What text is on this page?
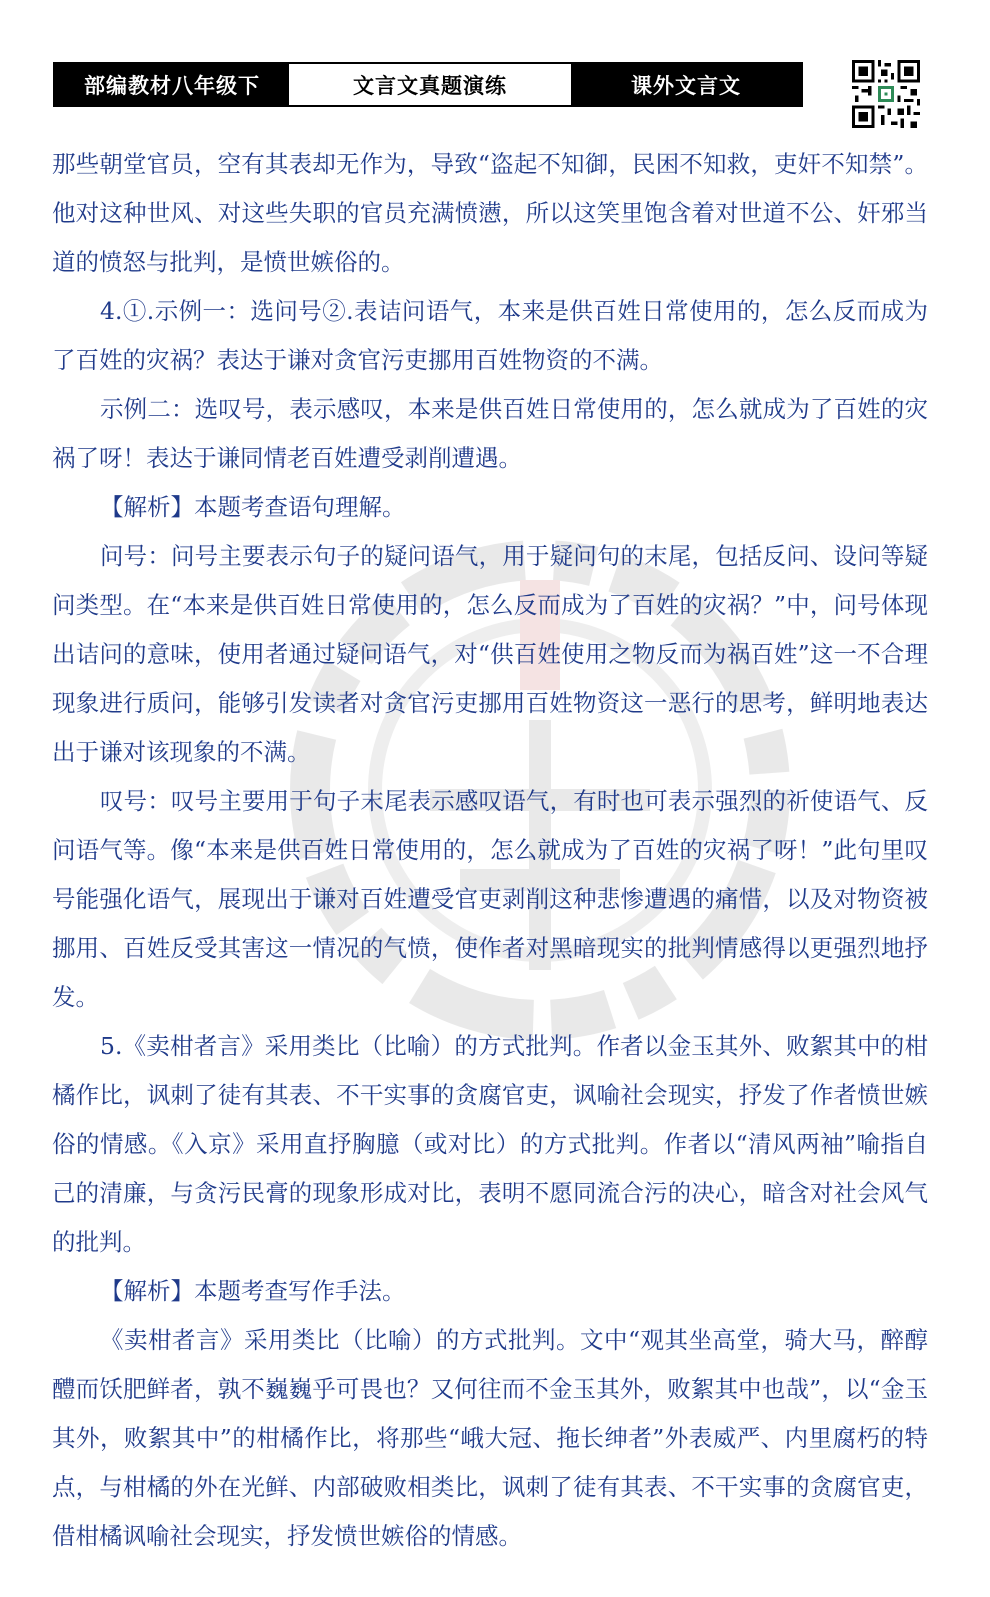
部编教材八年级下	文言文真题演练	课外文言文

那些朝堂官员，空有其表却无作为，导致“盗起不知御，民困不知救，吏奸不知禁”。他对这种世风、对这些失职的官员充满愤懑，所以这笑里饱含着对世道不公、奸邪当道的愤怒与批判，是愤世嫉俗的。

4.①.示例一：选问号②.表诘问语气，本来是供百姓日常使用的，怎么反而成为了百姓的灾祸？表达于谦对贪官污吏挪用百姓物资的不满。

示例二：选叹号，表示感叹，本来是供百姓日常使用的，怎么就成为了百姓的灾祸了呀！表达于谦同情老百姓遭受剥削遭遇。

【解析】本题考查语句理解。

问号：问号主要表示句子的疑问语气，用于疑问句的末尾，包括反问、设问等疑问类型。在“本来是供百姓日常使用的，怎么反而成为了百姓的灾祸？”中，问号体现出诘问的意味，使用者通过疑问语气，对“供百姓使用之物反而为祸百姓”这一不合理现象进行质问，能够引发读者对贪官污吏挪用百姓物资这一恶行的思考，鲜明地表达出于谦对该现象的不满。

叹号：叹号主要用于句子末尾表示感叹语气，有时也可表示强烈的祈使语气、反问语气等。像“本来是供百姓日常使用的，怎么就成为了百姓的灾祸了呀！”此句里叹号能强化语气，展现出于谦对百姓遭受官吏剥削这种悲惨遭遇的痛惜，以及对物资被挪用、百姓反受其害这一情况的气愤，使作者对黑暗现实的批判情感得以更强烈地抒发。

5.《卖柑者言》采用类比（比喻）的方式批判。作者以金玉其外、败絮其中的柑橘作比，讽刺了徒有其表、不干实事的贪腐官吏，讽喻社会现实，抒发了作者愤世嫉俗的情感。《入京》采用直抒胸臆（或对比）的方式批判。作者以“清风两袖”喻指自己的清廉，与贪污民膏的现象形成对比，表明不愿同流合污的决心，暗含对社会风气的批判。

【解析】本题考查写作手法。

《卖柑者言》采用类比（比喻）的方式批判。文中“观其坐高堂，骑大马，醉醇醴而饫肥鲜者，孰不巍巍乎可畏也？又何往而不金玉其外，败絮其中也哉”，以“金玉其外，败絮其中”的柑橘作比，将那些“峨大冠、拖长绅者”外表威严、内里腐朽的特点，与柑橘的外在光鲜、内部破败相类比，讽刺了徒有其表、不干实事的贪腐官吏，借柑橘讽喻社会现实，抒发愤世嫉俗的情感。
